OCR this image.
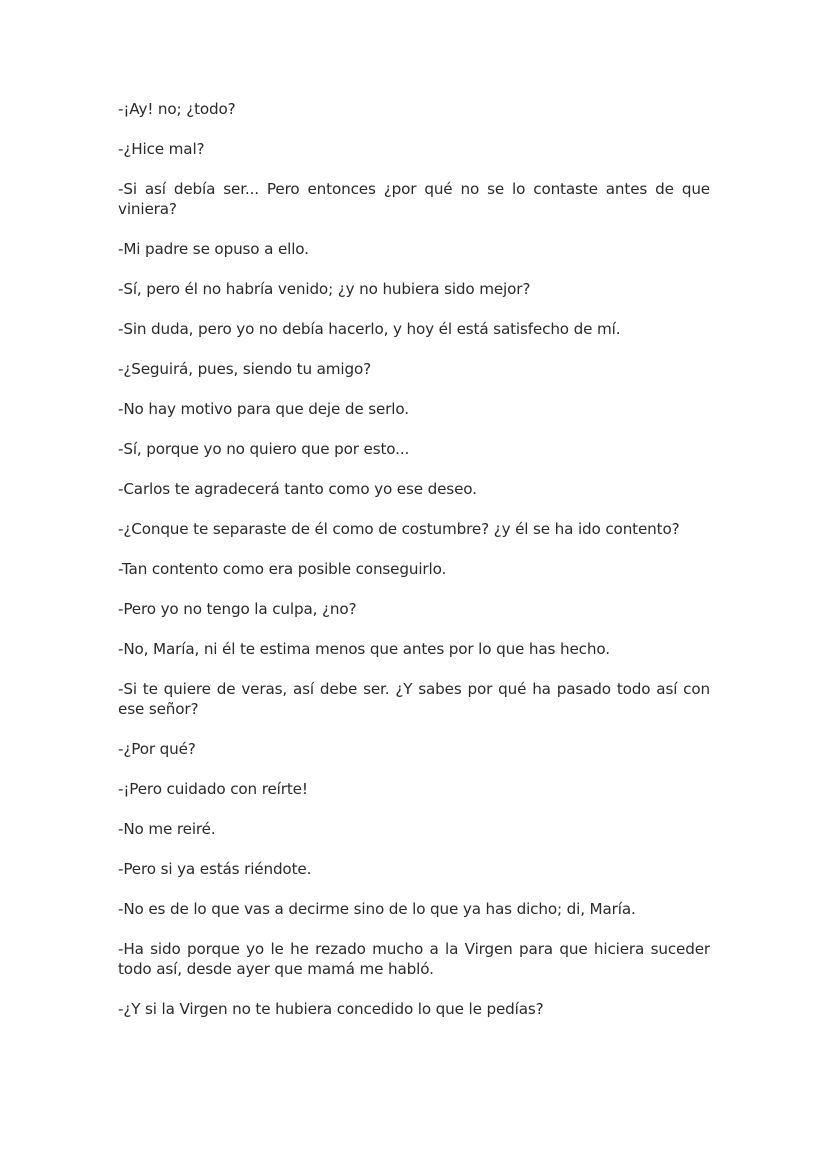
-¡Ay! no; ¿todo?

-¿Hice mal?

-Si así debía ser... Pero entonces ¿por qué no se lo contaste antes de que viniera?

-Mi padre se opuso a ello.

-Sí, pero él no habría venido; ¿y no hubiera sido mejor?

-Sin duda, pero yo no debía hacerlo, y hoy él está satisfecho de mí.

-¿Seguirá, pues, siendo tu amigo?

-No hay motivo para que deje de serlo.

-Sí, porque yo no quiero que por esto...

-Carlos te agradecerá tanto como yo ese deseo.

-¿Conque te separaste de él como de costumbre? ¿y él se ha ido contento?

-Tan contento como era posible conseguirlo.

-Pero yo no tengo la culpa, ¿no?

-No, María, ni él te estima menos que antes por lo que has hecho.

-Si te quiere de veras, así debe ser. ¿Y sabes por qué ha pasado todo así con ese señor?

-¿Por qué?

-¡Pero cuidado con reírte!

-No me reiré.

-Pero si ya estás riéndote.

-No es de lo que vas a decirme sino de lo que ya has dicho; di, María.

-Ha sido porque yo le he rezado mucho a la Virgen para que hiciera suceder todo así, desde ayer que mamá me habló.

-¿Y si la Virgen no te hubiera concedido lo que le pedías?
